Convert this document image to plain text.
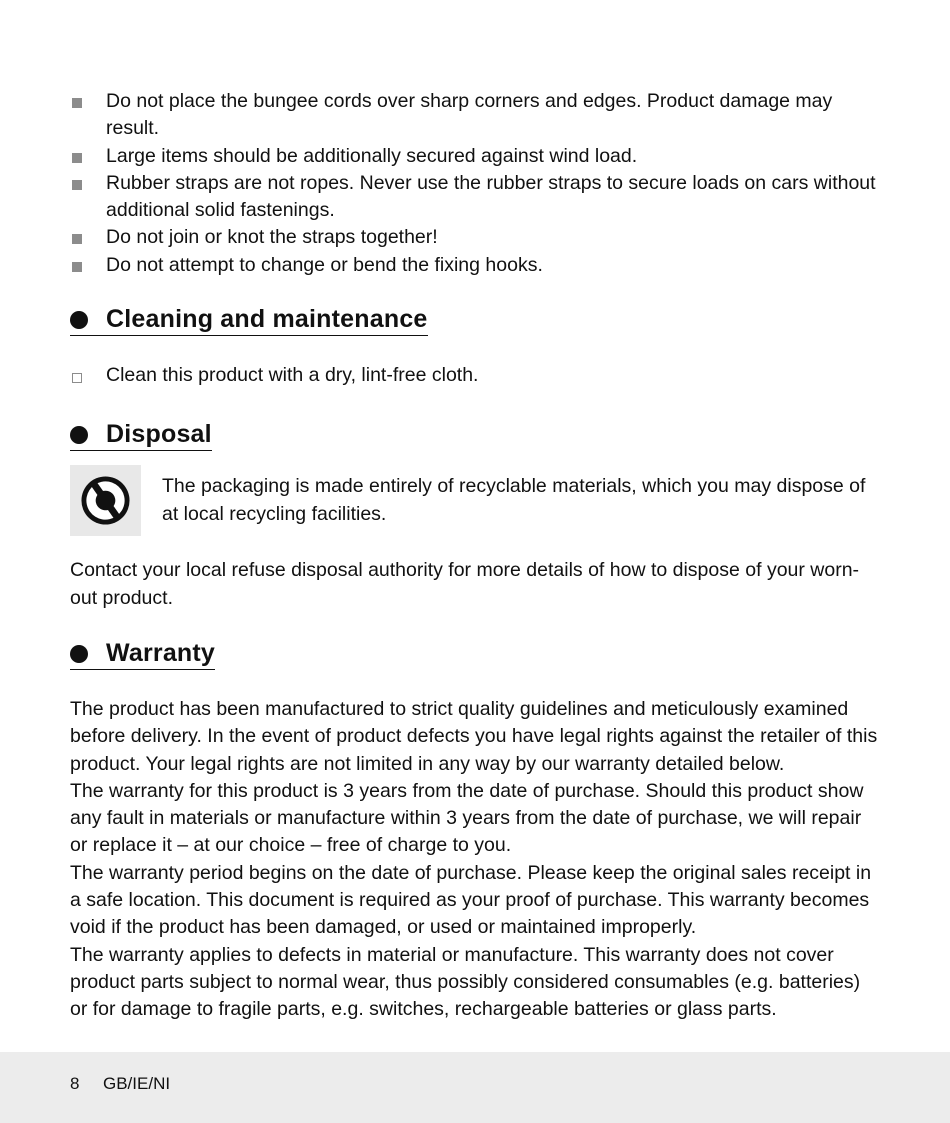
Do not place the bungee cords over sharp corners and edges. Product damage may result.
Large items should be additionally secured against wind load.
Rubber straps are not ropes. Never use the rubber straps to secure loads on cars without additional solid fastenings.
Do not join or knot the straps together!
Do not attempt to change or bend the fixing hooks.
Cleaning and maintenance
Clean this product with a dry, lint-free cloth.
Disposal

The packaging is made entirely of recyclable materials, which you may dispose of at local recycling facilities.

Contact your local refuse disposal authority for more details of how to dispose of your worn-out product.

Warranty

The product has been manufactured to strict quality guidelines and meticulously examined before delivery. In the event of product defects you have legal rights against the retailer of this product. Your legal rights are not limited in any way by our warranty detailed below.

The warranty for this product is 3 years from the date of purchase. Should this product show any fault in materials or manufacture within 3 years from the date of purchase, we will repair or replace it – at our choice – free of charge to you.

The warranty period begins on the date of purchase. Please keep the original sales receipt in a safe location. This document is required as your proof of purchase. This warranty becomes void if the product has been damaged, or used or maintained improperly.

The warranty applies to defects in material or manufacture. This warranty does not cover product parts subject to normal wear, thus possibly considered consumables (e.g. batteries) or for damage to fragile parts, e.g. switches, rechargeable batteries or glass parts.

8 GB/IE/NI
